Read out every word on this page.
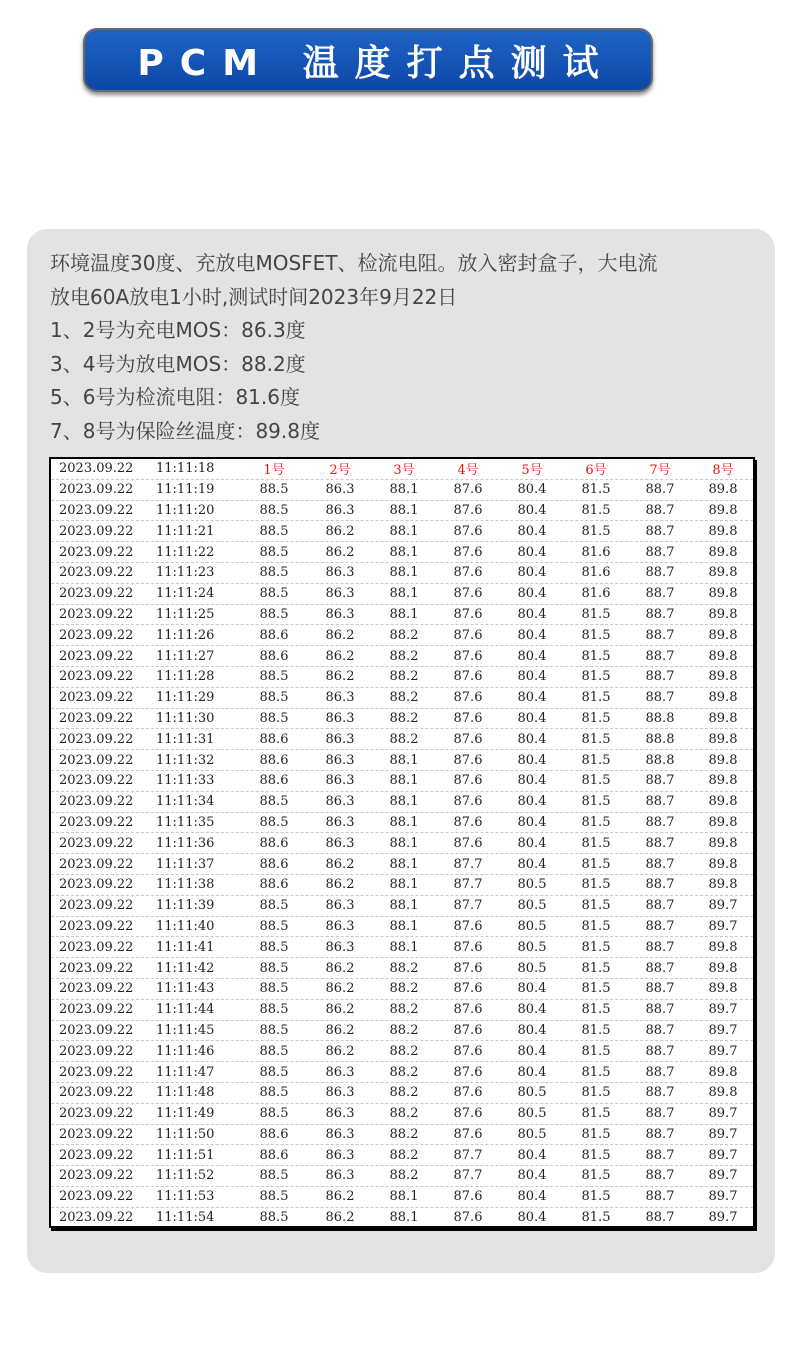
PCM 温度打点测试
环境温度30度、充放电MOSFET、检流电阻。放入密封盒子，大电流
放电60A放电1小时,测试时间2023年9月22日
1、2号为充电MOS：86.3度
3、4号为放电MOS：88.2度
5、6号为检流电阻：81.6度
7、8号为保险丝温度：89.8度
2023.09.22	11:11:18	1号	2号	3号	4号	5号	6号	7号	8号
2023.09.22	11:11:19	88.5	86.3	88.1	87.6	80.4	81.5	88.7	89.8
2023.09.22	11:11:20	88.5	86.3	88.1	87.6	80.4	81.5	88.7	89.8
2023.09.22	11:11:21	88.5	86.2	88.1	87.6	80.4	81.5	88.7	89.8
2023.09.22	11:11:22	88.5	86.2	88.1	87.6	80.4	81.6	88.7	89.8
2023.09.22	11:11:23	88.5	86.3	88.1	87.6	80.4	81.6	88.7	89.8
2023.09.22	11:11:24	88.5	86.3	88.1	87.6	80.4	81.6	88.7	89.8
2023.09.22	11:11:25	88.5	86.3	88.1	87.6	80.4	81.5	88.7	89.8
2023.09.22	11:11:26	88.6	86.2	88.2	87.6	80.4	81.5	88.7	89.8
2023.09.22	11:11:27	88.6	86.2	88.2	87.6	80.4	81.5	88.7	89.8
2023.09.22	11:11:28	88.5	86.2	88.2	87.6	80.4	81.5	88.7	89.8
2023.09.22	11:11:29	88.5	86.3	88.2	87.6	80.4	81.5	88.7	89.8
2023.09.22	11:11:30	88.5	86.3	88.2	87.6	80.4	81.5	88.8	89.8
2023.09.22	11:11:31	88.6	86.3	88.2	87.6	80.4	81.5	88.8	89.8
2023.09.22	11:11:32	88.6	86.3	88.1	87.6	80.4	81.5	88.8	89.8
2023.09.22	11:11:33	88.6	86.3	88.1	87.6	80.4	81.5	88.7	89.8
2023.09.22	11:11:34	88.5	86.3	88.1	87.6	80.4	81.5	88.7	89.8
2023.09.22	11:11:35	88.5	86.3	88.1	87.6	80.4	81.5	88.7	89.8
2023.09.22	11:11:36	88.6	86.3	88.1	87.6	80.4	81.5	88.7	89.8
2023.09.22	11:11:37	88.6	86.2	88.1	87.7	80.4	81.5	88.7	89.8
2023.09.22	11:11:38	88.6	86.2	88.1	87.7	80.5	81.5	88.7	89.8
2023.09.22	11:11:39	88.5	86.3	88.1	87.7	80.5	81.5	88.7	89.7
2023.09.22	11:11:40	88.5	86.3	88.1	87.6	80.5	81.5	88.7	89.7
2023.09.22	11:11:41	88.5	86.3	88.1	87.6	80.5	81.5	88.7	89.8
2023.09.22	11:11:42	88.5	86.2	88.2	87.6	80.5	81.5	88.7	89.8
2023.09.22	11:11:43	88.5	86.2	88.2	87.6	80.4	81.5	88.7	89.8
2023.09.22	11:11:44	88.5	86.2	88.2	87.6	80.4	81.5	88.7	89.7
2023.09.22	11:11:45	88.5	86.2	88.2	87.6	80.4	81.5	88.7	89.7
2023.09.22	11:11:46	88.5	86.2	88.2	87.6	80.4	81.5	88.7	89.7
2023.09.22	11:11:47	88.5	86.3	88.2	87.6	80.4	81.5	88.7	89.8
2023.09.22	11:11:48	88.5	86.3	88.2	87.6	80.5	81.5	88.7	89.8
2023.09.22	11:11:49	88.5	86.3	88.2	87.6	80.5	81.5	88.7	89.7
2023.09.22	11:11:50	88.6	86.3	88.2	87.6	80.5	81.5	88.7	89.7
2023.09.22	11:11:51	88.6	86.3	88.2	87.7	80.4	81.5	88.7	89.7
2023.09.22	11:11:52	88.5	86.3	88.2	87.7	80.4	81.5	88.7	89.7
2023.09.22	11:11:53	88.5	86.2	88.1	87.6	80.4	81.5	88.7	89.7
2023.09.22	11:11:54	88.5	86.2	88.1	87.6	80.4	81.5	88.7	89.7
